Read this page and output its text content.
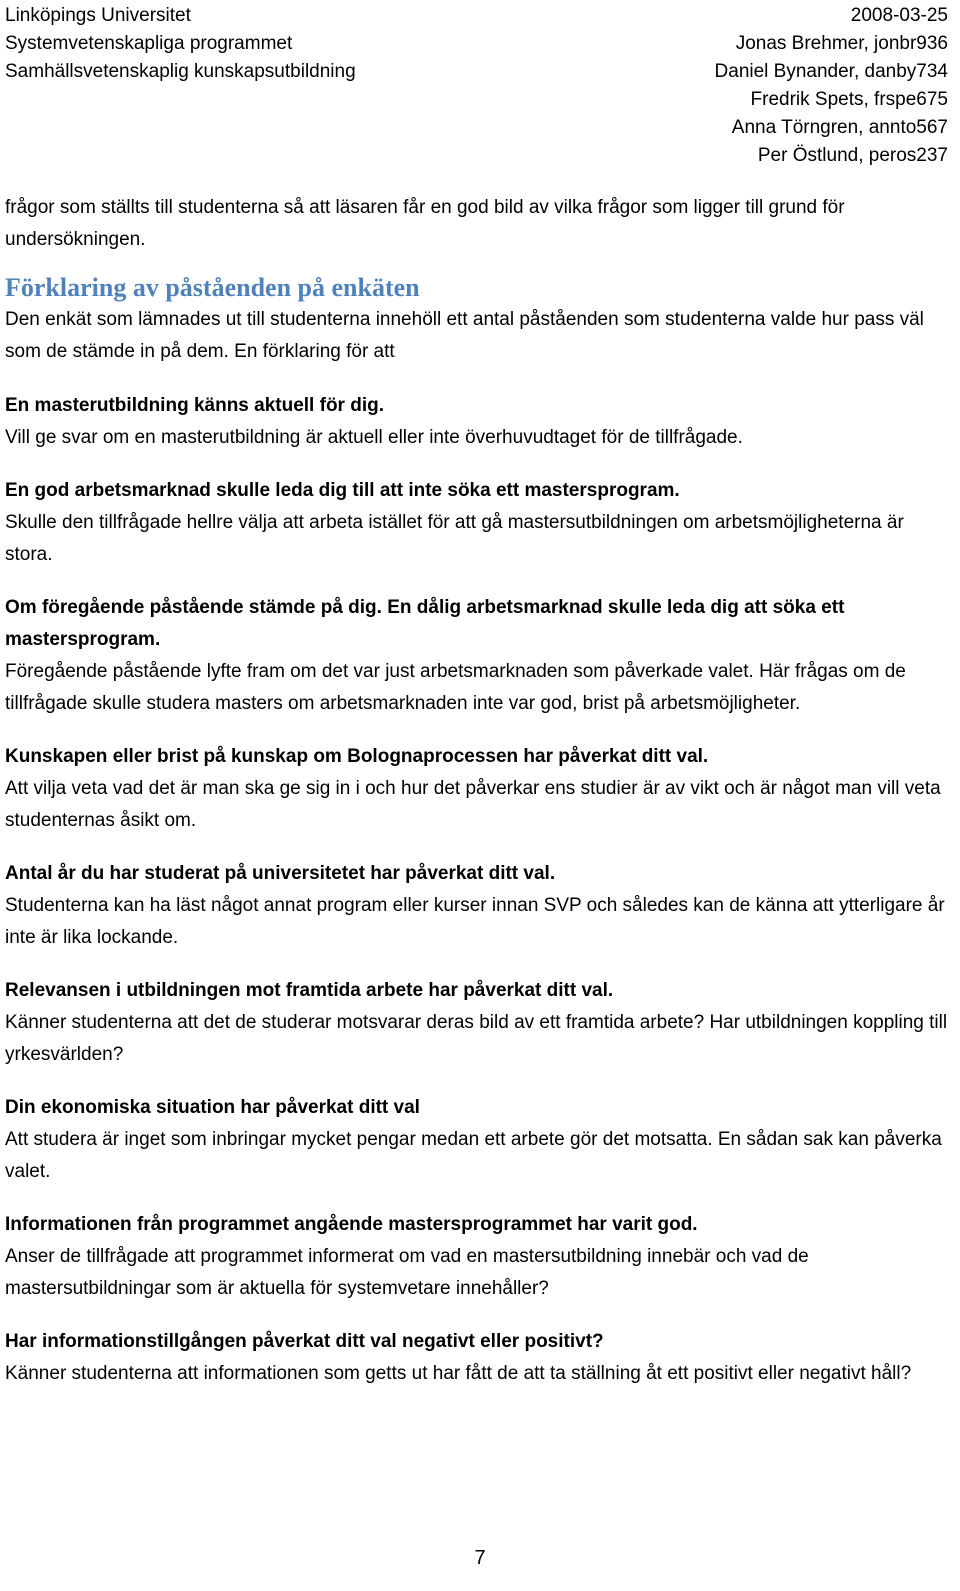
Linköpings Universitet
Systemvetenskapliga programmet
Samhällsvetenskaplig kunskapsutbildning
2008-03-25
Jonas Brehmer, jonbr936
Daniel Bynander, danby734
Fredrik Spets, frspe675
Anna Törngren, annto567
Per Östlund, peros237

frågor som ställts till studenterna så att läsaren får en god bild av vilka frågor som ligger till grund för undersökningen.

Förklaring av påståenden på enkäten

Den enkät som lämnades ut till studenterna innehöll ett antal påståenden som studenterna valde hur pass väl som de stämde in på dem. En förklaring för att

En masterutbildning känns aktuell för dig.

Vill ge svar om en masterutbildning är aktuell eller inte överhuvudtaget för de tillfrågade.

En god arbetsmarknad skulle leda dig till att inte söka ett mastersprogram.

Skulle den tillfrågade hellre välja att arbeta istället för att gå mastersutbildningen om arbetsmöjligheterna är stora.

Om föregående påstående stämde på dig. En dålig arbetsmarknad skulle leda dig att söka ett mastersprogram.

Föregående påstående lyfte fram om det var just arbetsmarknaden som påverkade valet. Här frågas om de tillfrågade skulle studera masters om arbetsmarknaden inte var god, brist på arbetsmöjligheter.

Kunskapen eller brist på kunskap om Bolognaprocessen har påverkat ditt val.

Att vilja veta vad det är man ska ge sig in i och hur det påverkar ens studier är av vikt och är något man vill veta studenternas åsikt om.

Antal år du har studerat på universitetet har påverkat ditt val.

Studenterna kan ha läst något annat program eller kurser innan SVP och således kan de känna att ytterligare år inte är lika lockande.

Relevansen i utbildningen mot framtida arbete har påverkat ditt val.

Känner studenterna att det de studerar motsvarar deras bild av ett framtida arbete? Har utbildningen koppling till yrkesvärlden?

Din ekonomiska situation har påverkat ditt val

Att studera är inget som inbringar mycket pengar medan ett arbete gör det motsatta. En sådan sak kan påverka valet.

Informationen från programmet angående mastersprogrammet har varit god.

Anser de tillfrågade att programmet informerat om vad en mastersutbildning innebär och vad de mastersutbildningar som är aktuella för systemvetare innehåller?

Har informationstillgången påverkat ditt val negativt eller positivt?

Känner studenterna att informationen som getts ut har fått de att ta ställning åt ett positivt eller negativt håll?

7
